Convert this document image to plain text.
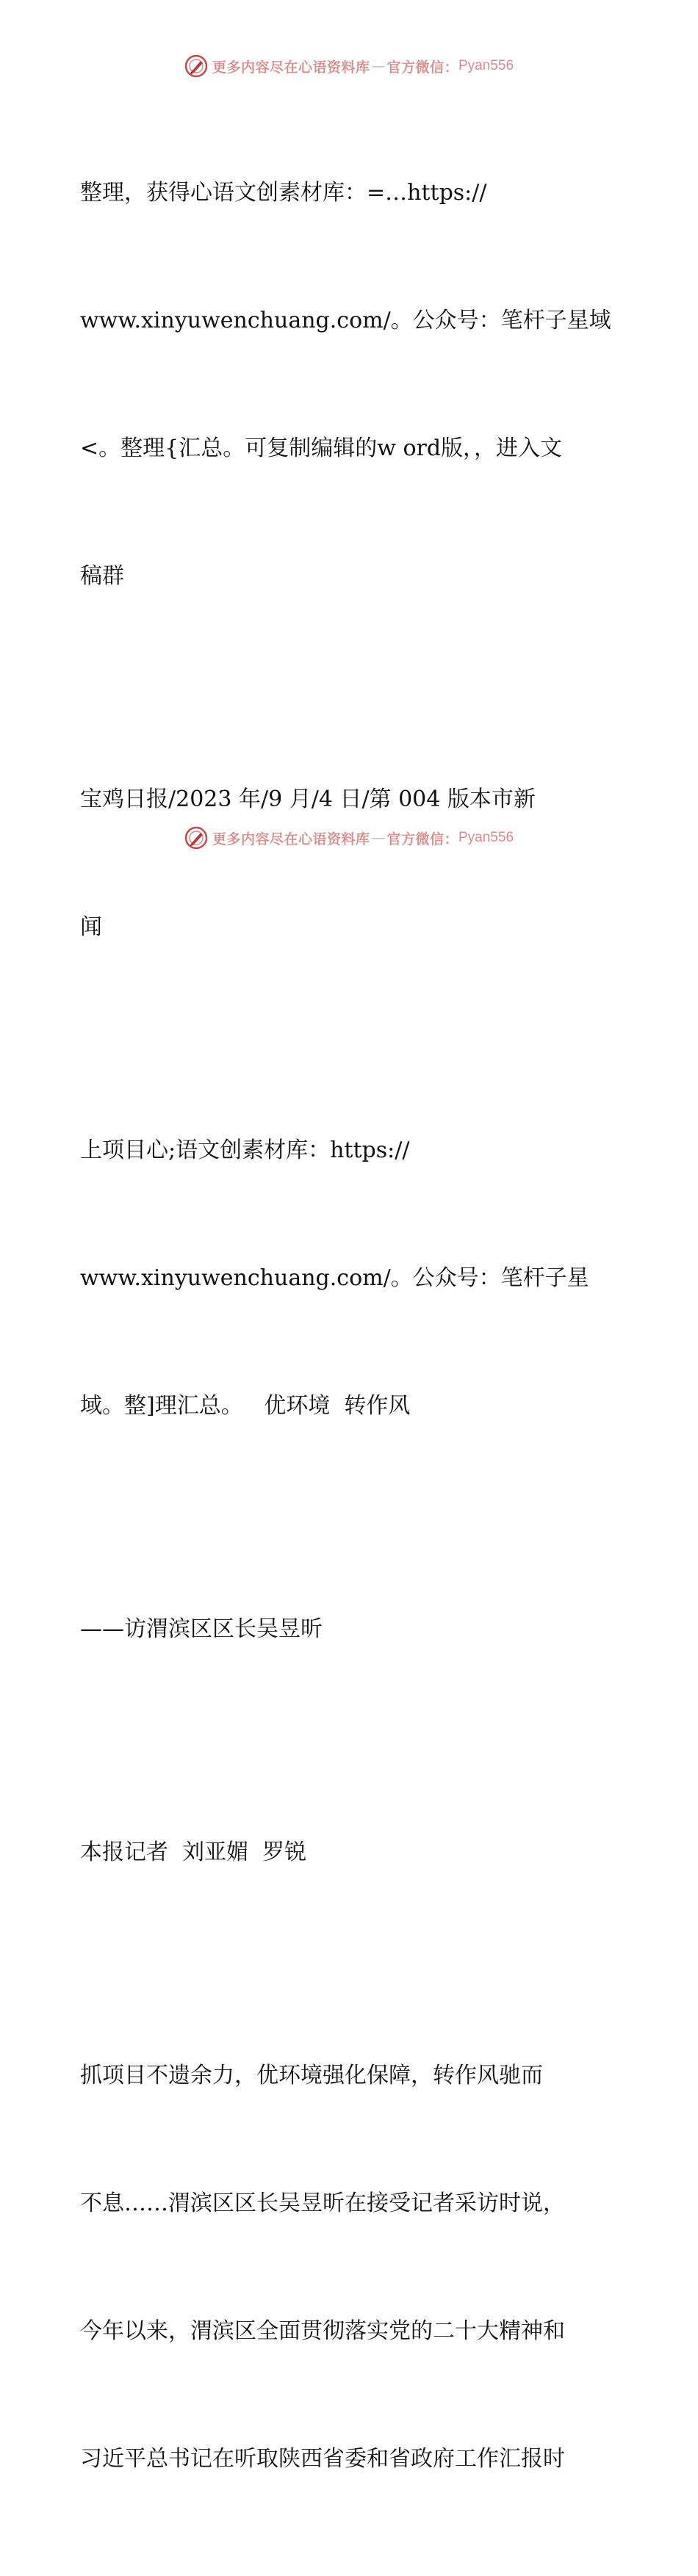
更多内容尽在心语资料库 — 官方微信： Pyan556

整理，获得心语文创素材库：=…https://

www.xinyuwenchuang.com/。公众号：笔杆子星域

<。整理{汇总。可复制编辑的w ord版，，进入文

稿群

宝鸡日报/2023 年/9 月/4 日/第 004 版本市新

闻

上项目心;语文创素材库：https://

www.xinyuwenchuang.com/。公众号：笔杆子星

域。整]理汇总。   优环境  转作风

——访渭滨区区长吴昱昕

本报记者  刘亚媚  罗锐

抓项目不遗余力，优环境强化保障，转作风驰而

不息……渭滨区区长吴昱昕在接受记者采访时说，

今年以来，渭滨区全面贯彻落实党的二十大精神和

习近平总书记在听取陕西省委和省政府工作汇报时

更多内容尽在心语资料库 — 官方微信： Pyan556
